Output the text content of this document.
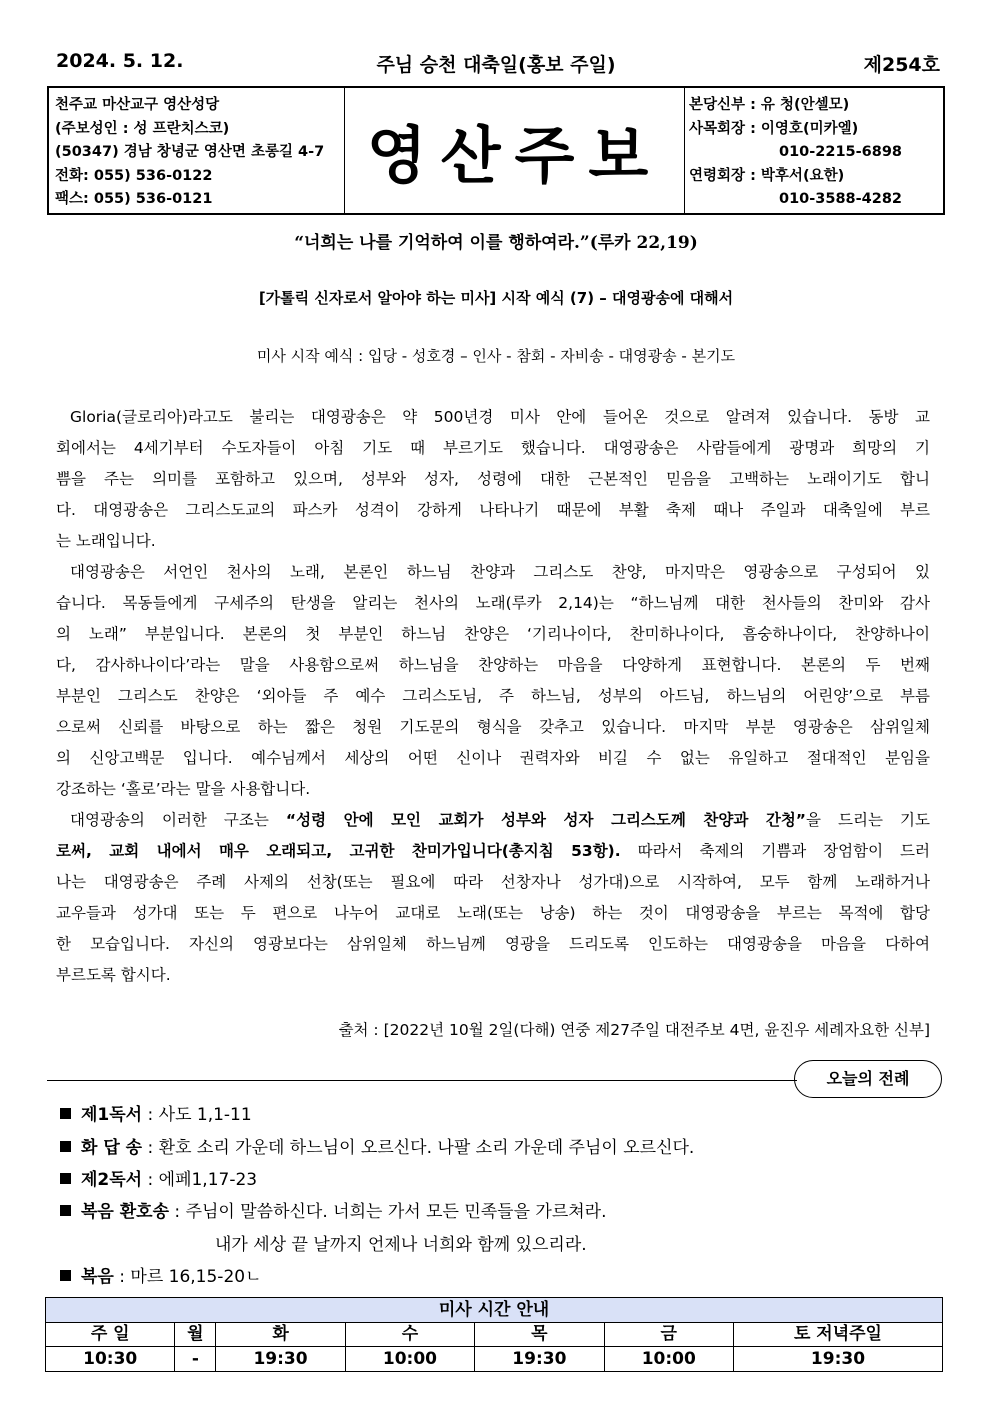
2024. 5. 12.	주님 승천 대축일(홍보 주일)	제254호
천주교 마산교구 영산성당
(주보성인 : 성 프란치스코)
(50347) 경남 창녕군 영산면 초롱길 4-7
전화: 055) 536-0122
팩스: 055) 536-0121
영산주보
본당신부 : 유 청(안셀모)
사목회장 : 이영호(미카엘)
010-2215-6898
연령회장 : 박후서(요한)
010-3588-4282
“너희는 나를 기억하여 이를 행하여라.”(루카 22,19)
[가톨릭 신자로서 알아야 하는 미사] 시작 예식 (7) – 대영광송에 대해서
미사 시작 예식 : 입당 - 성호경 – 인사 - 참회 - 자비송 - 대영광송 - 본기도
Gloria(글로리아)라고도 불리는 대영광송은 약 500년경 미사 안에 들어온 것으로 알려져 있습니다. 동방 교
회에서는 4세기부터 수도자들이 아침 기도 때 부르기도 했습니다. 대영광송은 사람들에게 광명과 희망의 기
쁨을 주는 의미를 포함하고 있으며, 성부와 성자, 성령에 대한 근본적인 믿음을 고백하는 노래이기도 합니
다. 대영광송은 그리스도교의 파스카 성격이 강하게 나타나기 때문에 부활 축제 때나 주일과 대축일에 부르
는 노래입니다.
대영광송은 서언인 천사의 노래, 본론인 하느님 찬양과 그리스도 찬양, 마지막은 영광송으로 구성되어 있
습니다. 목동들에게 구세주의 탄생을 알리는 천사의 노래(루카 2,14)는 “하느님께 대한 천사들의 찬미와 감사
의 노래” 부분입니다. 본론의 첫 부분인 하느님 찬양은 ‘기리나이다, 찬미하나이다, 흠숭하나이다, 찬양하나이
다, 감사하나이다’라는 말을 사용함으로써 하느님을 찬양하는 마음을 다양하게 표현합니다. 본론의 두 번째
부분인 그리스도 찬양은 ‘외아들 주 예수 그리스도님, 주 하느님, 성부의 아드님, 하느님의 어린양’으로 부름
으로써 신뢰를 바탕으로 하는 짧은 청원 기도문의 형식을 갖추고 있습니다. 마지막 부분 영광송은 삼위일체
의 신앙고백문 입니다. 예수님께서 세상의 어떤 신이나 권력자와 비길 수 없는 유일하고 절대적인 분임을
강조하는 ‘홀로’라는 말을 사용합니다.
대영광송의 이러한 구조는 “성령 안에 모인 교회가 성부와 성자 그리스도께 찬양과 간청”을 드리는 기도
로써, 교회 내에서 매우 오래되고, 고귀한 찬미가입니다(총지침 53항). 따라서 축제의 기쁨과 장엄함이 드러
나는 대영광송은 주례 사제의 선창(또는 필요에 따라 선창자나 성가대)으로 시작하여, 모두 함께 노래하거나
교우들과 성가대 또는 두 편으로 나누어 교대로 노래(또는 낭송) 하는 것이 대영광송을 부르는 목적에 합당
한 모습입니다. 자신의 영광보다는 삼위일체 하느님께 영광을 드리도록 인도하는 대영광송을 마음을 다하여
부르도록 합시다.
출처 : [2022년 10월 2일(다해) 연중 제27주일 대전주보 4면, 윤진우 세례자요한 신부]
오늘의 전례
제1독서 : 사도 1,1-11
화 답 송 : 환호 소리 가운데 하느님이 오르신다. 나팔 소리 가운데 주님이 오르신다.
제2독서 : 에페1,17-23
복음 환호송 : 주님이 말씀하신다. 너희는 가서 모든 민족들을 가르쳐라.
내가 세상 끝 날까지 언제나 너희와 함께 있으리라.
복음 : 마르 16,15-20ㄴ
미사 시간 안내						
주 일	월	화	수	목	금	토 저녁주일
10:30	-	19:30	10:00	19:30	10:00	19:30
